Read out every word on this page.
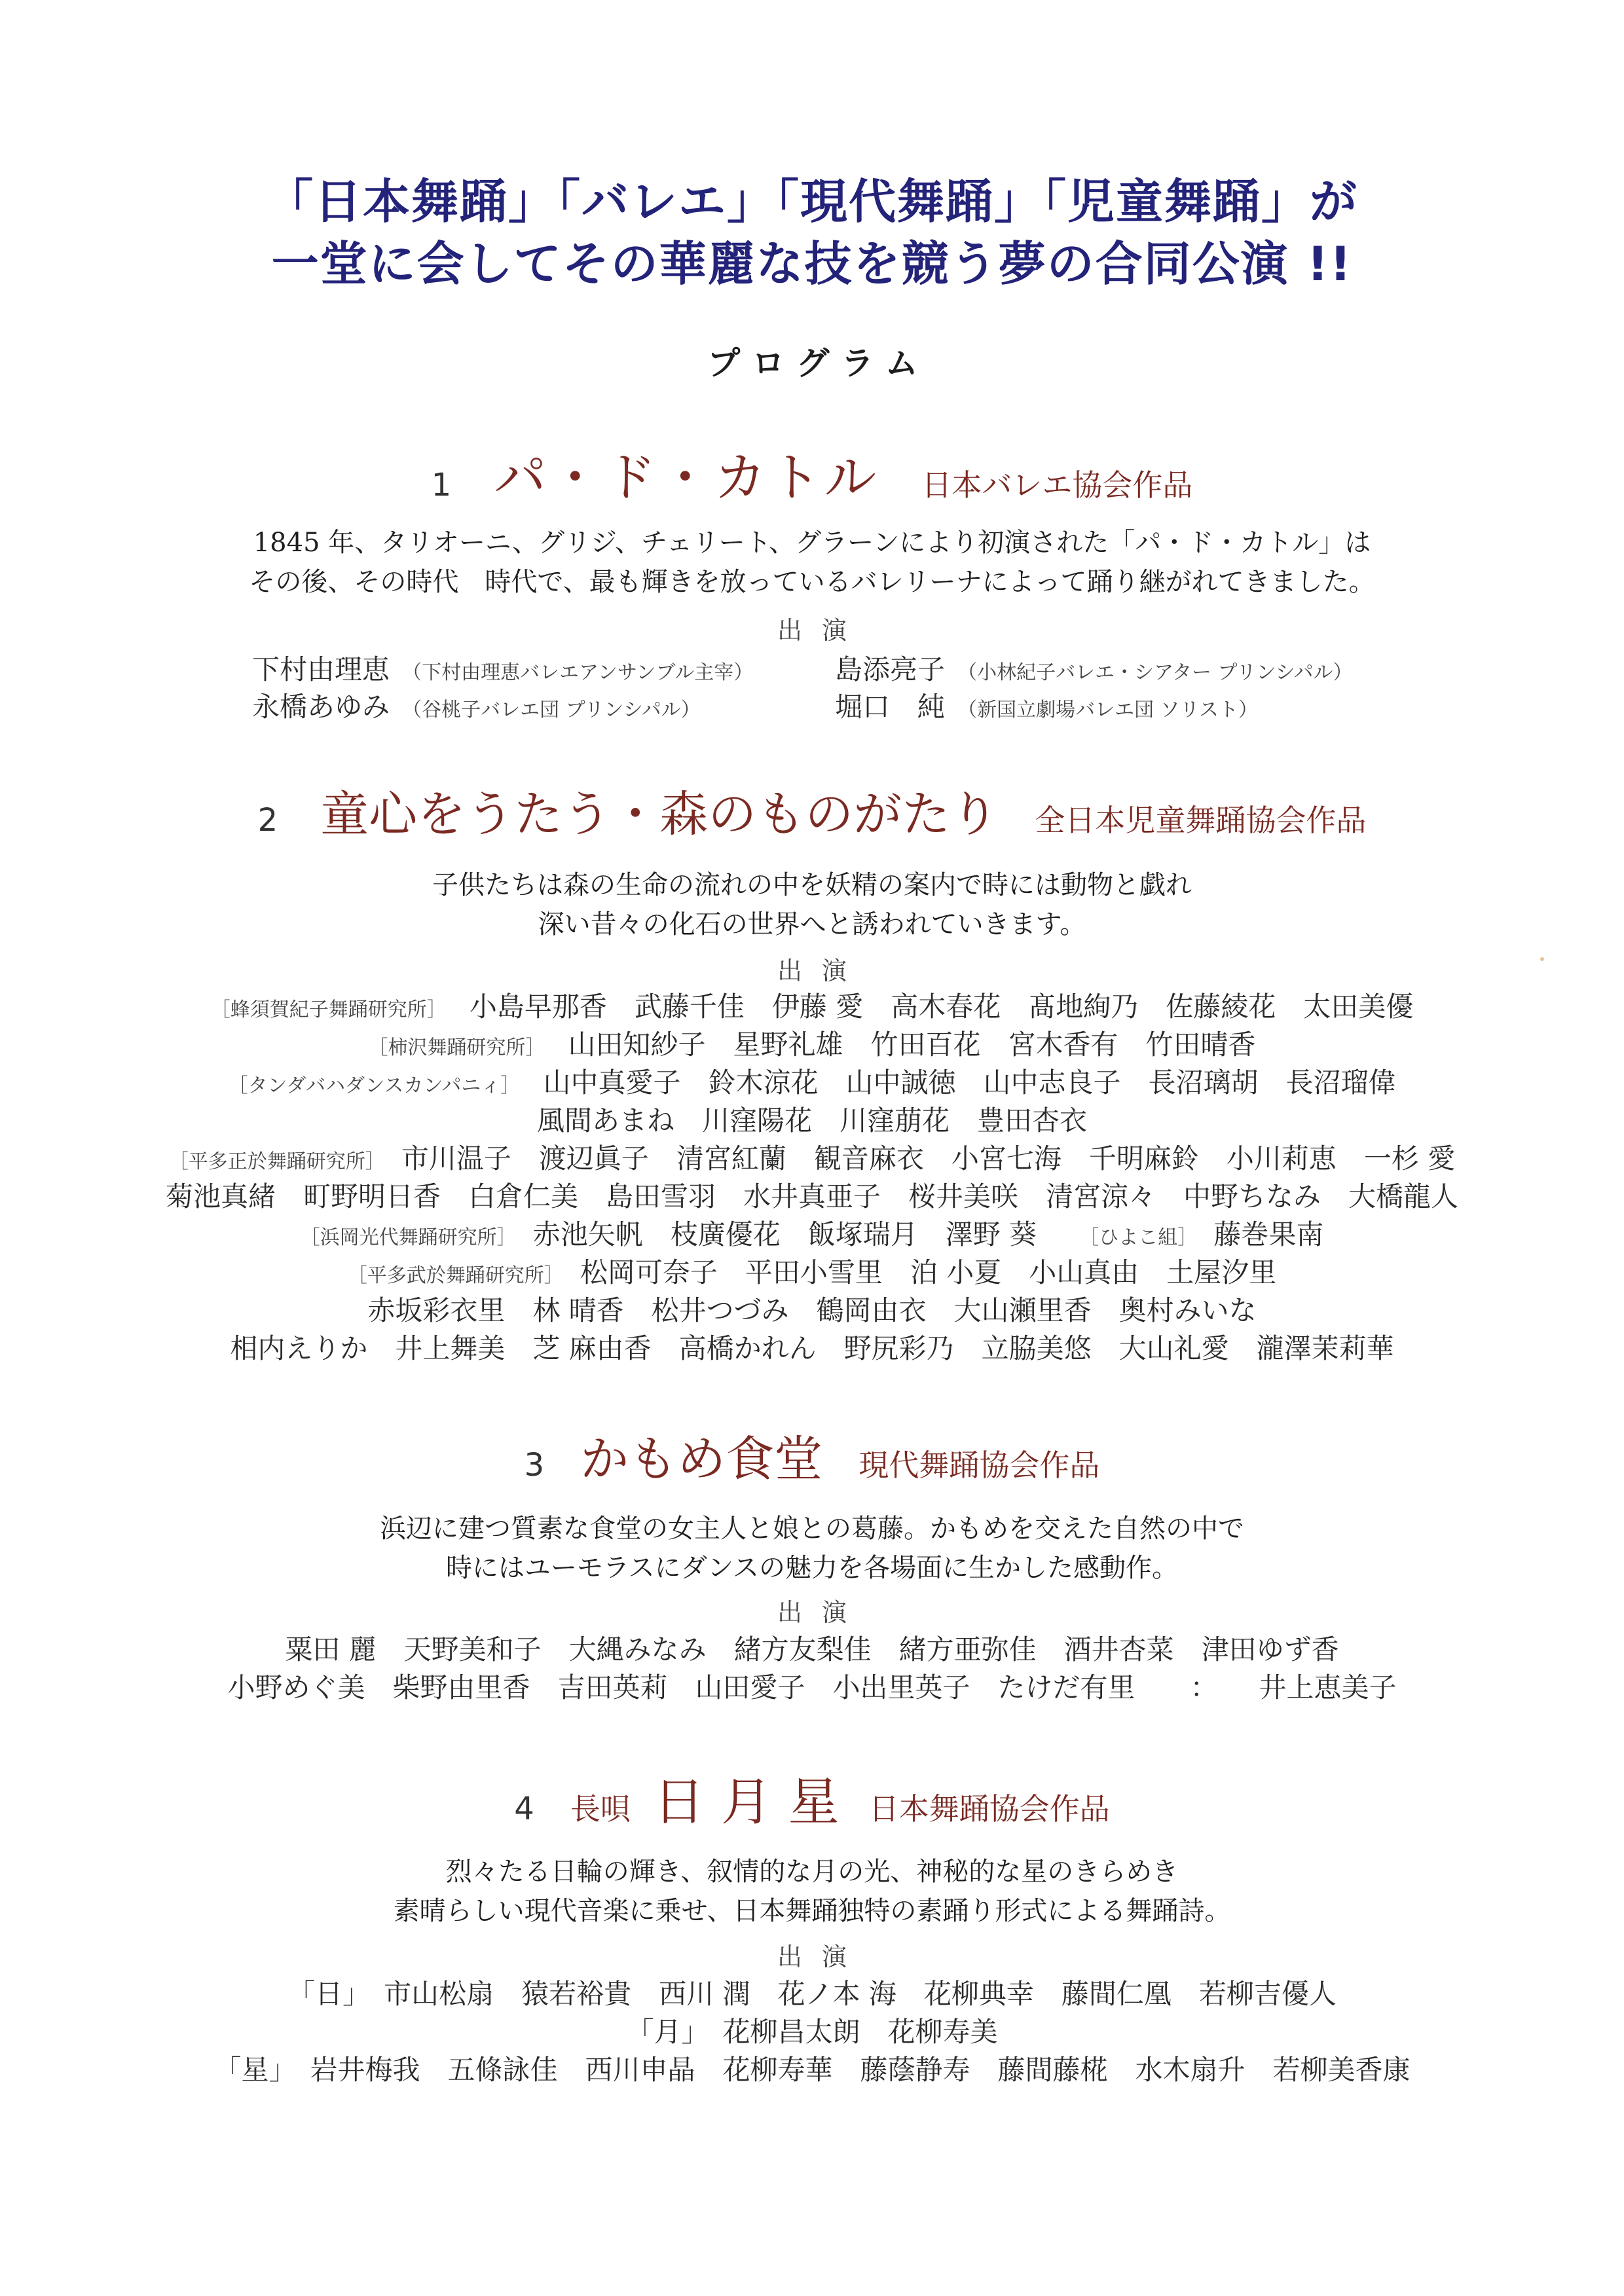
「日本舞踊」「バレエ」「現代舞踊」「児童舞踊」が
一堂に会してその華麗な技を競う夢の合同公演 !!
プログラム
1 パ・ド・カトル 日本バレエ協会作品
1845 年、タリオーニ、グリジ、チェリート、グラーンにより初演された「パ・ド・カトル」は
その後、その時代　時代で、最も輝きを放っているバレリーナによって踊り継がれてきました。
出演
下村由理恵 （下村由理恵バレエアンサンブル主宰）	島添亮子 （小林紀子バレエ・シアター プリンシパル）
永橋あゆみ （谷桃子バレエ団 プリンシパル）	堀口　純 （新国立劇場バレエ団 ソリスト）
2 童心をうたう・森のものがたり 全日本児童舞踊協会作品
子供たちは森の生命の流れの中を妖精の案内で時には動物と戯れ
深い昔々の化石の世界へと誘われていきます。
出演
［蜂須賀紀子舞踊研究所］ 小島早那香　武藤千佳　伊藤 愛　高木春花　髙地絢乃　佐藤綾花　太田美優
［柿沢舞踊研究所］ 山田知紗子　星野礼雄　竹田百花　宮木香有　竹田晴香
［タンダバハダンスカンパニィ］ 山中真愛子　鈴木涼花　山中誠徳　山中志良子　長沼璃胡　長沼瑠偉
風間あまね　川窪陽花　川窪萠花　豊田杏衣
［平多正於舞踊研究所］ 市川温子　渡辺眞子　清宮紅蘭　観音麻衣　小宮七海　千明麻鈴　小川莉恵　一杉 愛
菊池真緒　町野明日香　白倉仁美　島田雪羽　水井真亜子　桜井美咲　清宮涼々　中野ちなみ　大橋龍人
［浜岡光代舞踊研究所］ 赤池矢帆　枝廣優花　飯塚瑞月　澤野 葵 ［ひよこ組］ 藤巻果南
［平多武於舞踊研究所］ 松岡可奈子　平田小雪里　泊 小夏　小山真由　土屋汐里
赤坂彩衣里　林 晴香　松井つづみ　鶴岡由衣　大山瀬里香　奥村みいな
相内えりか　井上舞美　芝 麻由香　高橋かれん　野尻彩乃　立脇美悠　大山礼愛　瀧澤茉莉華
3 かもめ食堂 現代舞踊協会作品
浜辺に建つ質素な食堂の女主人と娘との葛藤。かもめを交えた自然の中で
時にはユーモラスにダンスの魅力を各場面に生かした感動作。
出演
粟田 麗　天野美和子　大縄みなみ　緒方友梨佳　緒方亜弥佳　酒井杏菜　津田ゆず香
小野めぐ美　柴野由里香　吉田英莉　山田愛子　小出里英子　たけだ有里　　：　　井上恵美子
4 長唄 日 月 星 日本舞踊協会作品
烈々たる日輪の輝き、叙情的な月の光、神秘的な星のきらめき
素晴らしい現代音楽に乗せ、日本舞踊独特の素踊り形式による舞踊詩。
出演
「日」　市山松扇　猿若裕貴　西川 潤　花ノ本 海　花柳典幸　藤間仁凰　若柳吉優人
「月」　花柳昌太朗　花柳寿美
「星」　岩井梅我　五條詠佳　西川申晶　花柳寿華　藤蔭静寿　藤間藤椛　水木扇升　若柳美香康
